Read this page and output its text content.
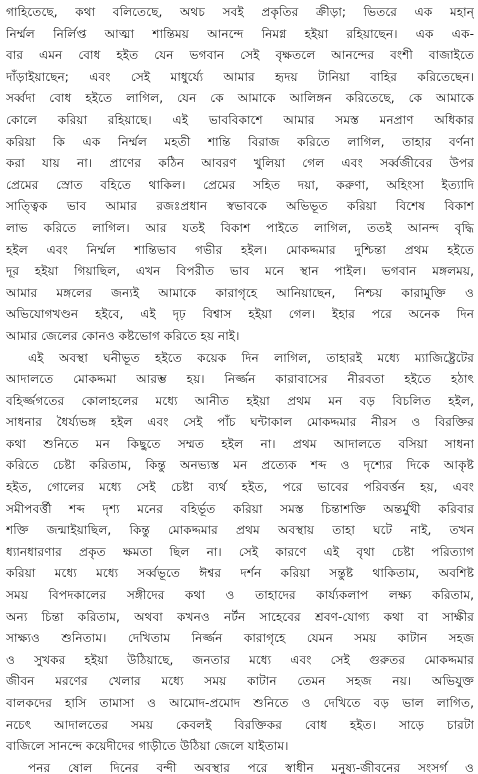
গাহিতেছে, কথা বলিতেছে, অথচ সবই প্রকৃতির ক্রীড়া; ভিতরে এক মহান্‌
নির্ম্মল নির্লিপ্ত আত্মা শান্তিময় আনন্দে নিমগ্ন হইয়া রহিয়াছেন। এক এক-
বার এমন বোধ হইত যেন ভগবান সেই বৃক্ষতলে আনন্দের বংশী বাজাইতে
দাঁড়াইয়াছেন; এবং সেই মাধুর্য্যে আমার হৃদয় টানিয়া বাহির করিতেছেন।
সর্ব্বদা বোধ হইতে লাগিল, যেন কে আমাকে আলিঙ্গন করিতেছে, কে আমাকে
কোলে করিয়া রহিয়াছে। এই ভাববিকাশে আমার সমস্ত মনপ্রাণ অধিকার
করিয়া কি এক নির্ম্মল মহতী শান্তি বিরাজ করিতে লাগিল, তাহার বর্ণনা
করা যায় না। প্রাণের কঠিন আবরণ খুলিয়া গেল এবং সর্ব্বজীবের উপর
প্রেমের স্রোত বহিতে থাকিল। প্রেমের সহিত দয়া, করুণা, অহিংসা ইত্যাদি
সাত্ত্বিক ভাব আমার রজঃপ্রধান স্বভাবকে অভিভূত করিয়া বিশেষ বিকাশ
লাভ করিতে লাগিল। আর যতই বিকাশ পাইতে লাগিল, ততই আনন্দ বৃদ্ধি
হইল এবং নির্ম্মল শান্তিভাব গভীর হইল। মোকদ্দমার দুশ্চিন্তা প্রথম হইতে
দূর হইয়া গিয়াছিল, এখন বিপরীত ভাব মনে স্থান পাইল। ভগবান মঙ্গলময়,
আমার মঙ্গলের জন্যই আমাকে কারাগৃহে আনিয়াছেন, নিশ্চয় কারামুক্তি ও
অভিযোগখণ্ডন হইবে, এই দৃঢ় বিশ্বাস হইয়া গেল। ইহার পরে অনেক দিন
আমার জেলের কোনও কষ্টভোগ করিতে হয় নাই।
এই অবস্থা ঘনীভূত হইতে কয়েক দিন লাগিল, তাহারই মধ্যে ম্যাজিষ্ট্রেটের
আদালতে মোকদ্দমা আরম্ভ হয়। নির্জ্জন কারাবাসের নীরবতা হইতে হঠাৎ
বহির্জ্জগতের কোলাহলের মধ্যে আনীত হইয়া প্রথম মন বড় বিচলিত হইল,
সাধনার ধৈর্য্যভঙ্গ হইল এবং সেই পাঁচ ঘন্টাকাল মোকদ্দমার নীরস ও বিরক্তির
কথা শুনিতে মন কিছুতে সম্মত হইল না। প্রথম আদালতে বসিয়া সাধনা
করিতে চেষ্টা করিতাম, কিন্তু অনভ্যস্ত মন প্রত্যেক শব্দ ও দৃশ্যের দিকে আকৃষ্ট
হইত, গোলের মধ্যে সেই চেষ্টা ব্যর্থ হইত, পরে ভাবের পরিবর্ত্তন হয়, এবং
সমীপবর্ত্তী শব্দ দৃশ্য মনের বহির্ভূত করিয়া সমস্ত চিন্তাশক্তি অন্তর্মুখী করিবার
শক্তি জন্মাইয়াছিল, কিন্তু মোকদ্দমার প্রথম অবস্থায় তাহা ঘটে নাই, তখন
ধ্যানধারণার প্রকৃত ক্ষমতা ছিল না। সেই কারণে এই বৃথা চেষ্টা পরিত্যাগ
করিয়া মধ্যে মধ্যে সর্ব্বভূতে ঈশ্বর দর্শন করিয়া সন্তুষ্ট থাকিতাম, অবশিষ্ট
সময় বিপদকালের সঙ্গীদের কথা ও তাহাদের কার্য্যকলাপ লক্ষ্য করিতাম,
অন্য চিন্তা করিতাম, অথবা কখনও নর্টন সাহেবের শ্রবণ-যোগ্য কথা বা সাক্ষীর
সাক্ষ্যও শুনিতাম। দেখিতাম নির্জ্জন কারাগৃহে যেমন সময় কাটান সহজ
ও সুখকর হইয়া উঠিয়াছে, জনতার মধ্যে এবং সেই গুরুতর মোকদ্দমার
জীবন মরণের খেলার মধ্যে সময় কাটান তেমন সহজ নয়। অভিযুক্ত
বালকদের হাসি তামাসা ও আমোদ-প্রমোদ শুনিতে ও দেখিতে বড় ভাল লাগিত,
নচেৎ আদালতের সময় কেবলই বিরক্তিকর বোধ হইত। সাড়ে চারটা
বাজিলে সানন্দে কয়েদীদের গাড়ীতে উঠিয়া জেলে যাইতাম।
পনর ষোল দিনের বন্দী অবস্থার পরে স্বাধীন মনুষ্য-জীবনের সংসর্গ ও
